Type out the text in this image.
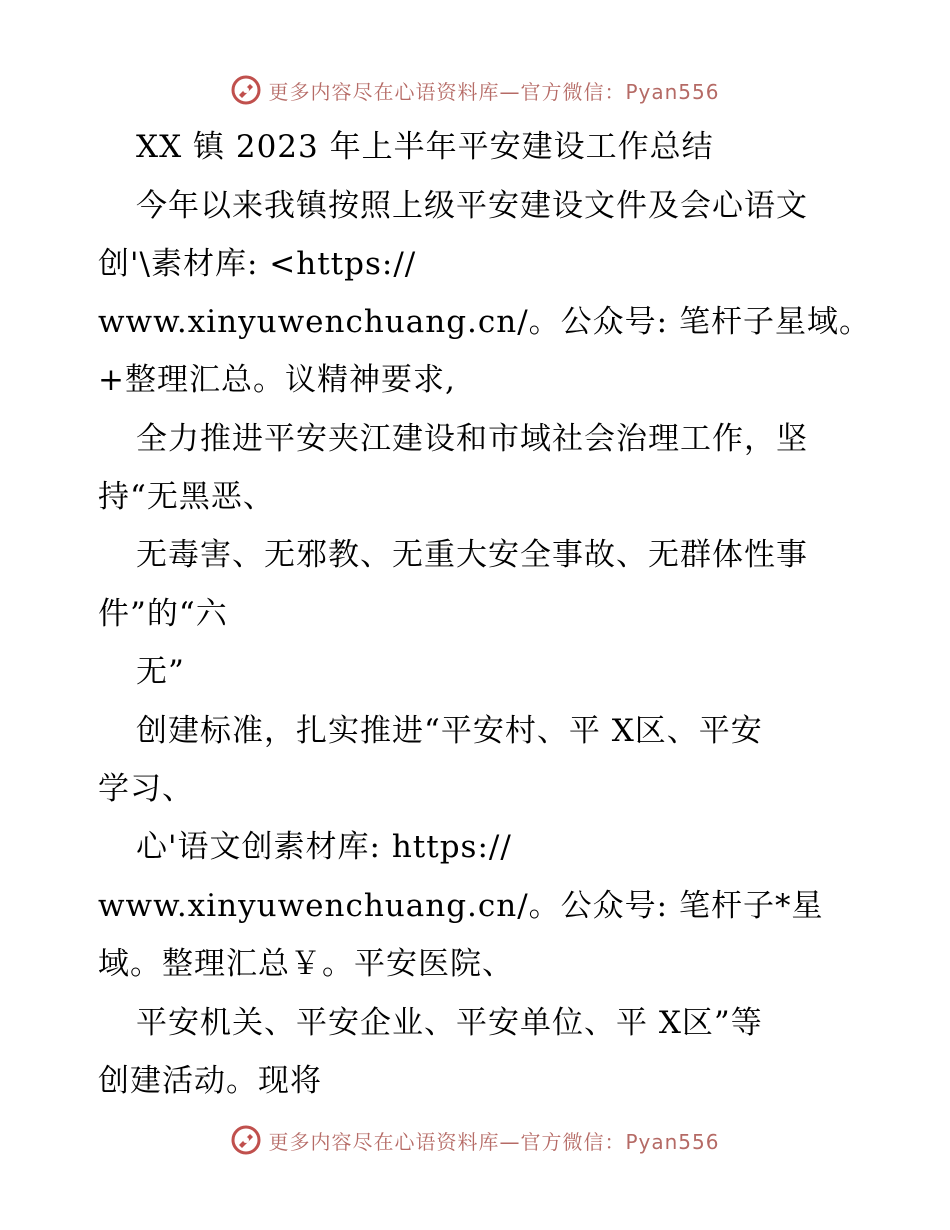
更多内容尽在心语资料库—官方微信：Pyan556
XX 镇 2023 年上半年平安建设工作总结
今年以来我镇按照上级平安建设文件及会心语文
创'\素材库: <https://
www.xinyuwenchuang.cn/。公众号: 笔杆子星域。
+整理汇总。议精神要求,
全力推进平安夹江建设和市域社会治理工作，坚
持“无黑恶、
无毒害、无邪教、无重大安全事故、无群体性事
件”的“六
无”
创建标准，扎实推进“平安村、平 X区、平安
学习、
心'语文创素材库: https://
www.xinyuwenchuang.cn/。公众号: 笔杆子*星
域。整理汇总￥。平安医院、
平安机关、平安企业、平安单位、平 X区”等
创建活动。现将
更多内容尽在心语资料库—官方微信：Pyan556
